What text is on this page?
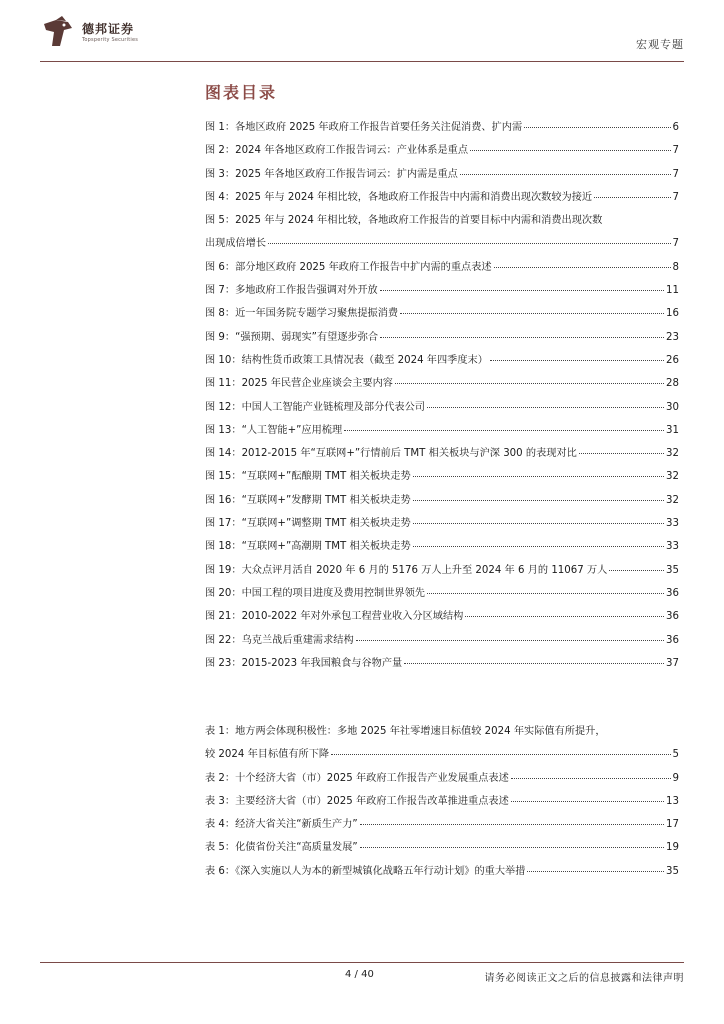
德邦证券
Topsperity Securities	宏观专题
图表目录
图 1：各地区政府 2025 年政府工作报告首要任务关注促消费、扩内需	6
图 2：2024 年各地区政府工作报告词云：产业体系是重点	7
图 3：2025 年各地区政府工作报告词云：扩内需是重点	7
图 4：2025 年与 2024 年相比较，各地政府工作报告中内需和消费出现次数较为接近	7
图 5：2025 年与 2024 年相比较，各地政府工作报告的首要目标中内需和消费出现次数
出现成倍增长	7
图 6：部分地区政府 2025 年政府工作报告中扩内需的重点表述	8
图 7：多地政府工作报告强调对外开放	11
图 8：近一年国务院专题学习聚焦提振消费	16
图 9：“强预期、弱现实”有望逐步弥合	23
图 10：结构性货币政策工具情况表（截至 2024 年四季度末）	26
图 11：2025 年民营企业座谈会主要内容	28
图 12：中国人工智能产业链梳理及部分代表公司	30
图 13：“人工智能+”应用梳理	31
图 14：2012-2015 年“互联网+”行情前后 TMT 相关板块与沪深 300 的表现对比	32
图 15：“互联网+”酝酿期 TMT 相关板块走势	32
图 16：“互联网+”发酵期 TMT 相关板块走势	32
图 17：“互联网+”调整期 TMT 相关板块走势	33
图 18：“互联网+”高潮期 TMT 相关板块走势	33
图 19：大众点评月活自 2020 年 6 月的 5176 万人上升至 2024 年 6 月的 11067 万人	35
图 20：中国工程的项目进度及费用控制世界领先	36
图 21：2010-2022 年对外承包工程营业收入分区域结构	36
图 22：乌克兰战后重建需求结构	36
图 23：2015-2023 年我国粮食与谷物产量	37
表 1：地方两会体现积极性：多地 2025 年社零增速目标值较 2024 年实际值有所提升，
较 2024 年目标值有所下降	5
表 2：十个经济大省（市）2025 年政府工作报告产业发展重点表述	9
表 3：主要经济大省（市）2025 年政府工作报告改革推进重点表述	13
表 4：经济大省关注“新质生产力”	17
表 5：化债省份关注“高质量发展”	19
表 6：《深入实施以人为本的新型城镇化战略五年行动计划》的重大举措	35
4 / 40	请务必阅读正文之后的信息披露和法律声明
